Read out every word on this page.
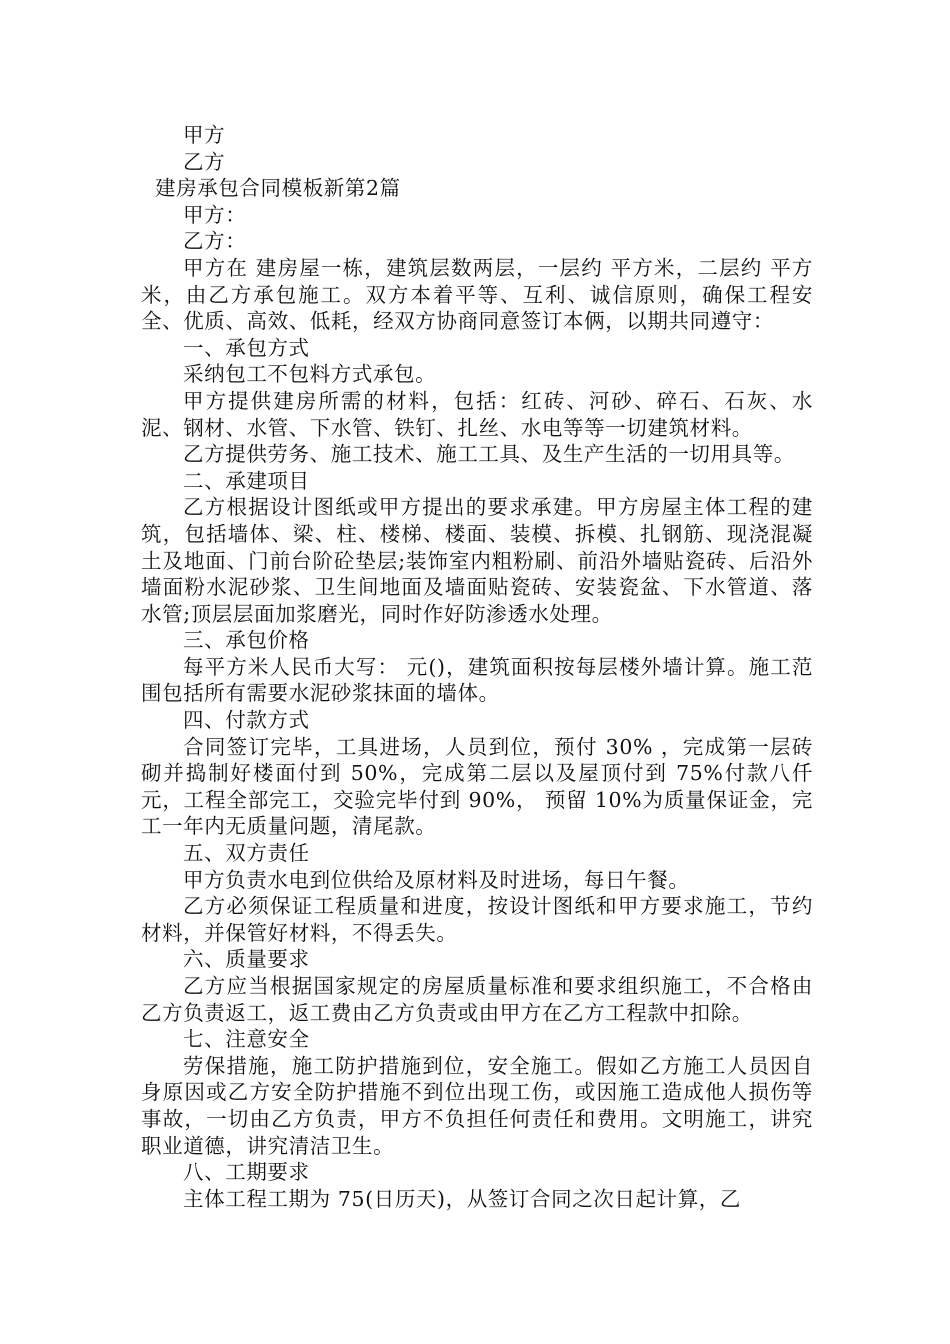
甲方

乙方

建房承包合同模板新第2篇

甲方：

乙方：

甲方在 建房屋一栋，建筑层数两层，一层约 平方米，二层约 平方米，由乙方承包施工。双方本着平等、互利、诚信原则，确保工程安全、优质、高效、低耗，经双方协商同意签订本俩，以期共同遵守：

一、承包方式

采纳包工不包料方式承包。

甲方提供建房所需的材料，包括：红砖、河砂、碎石、石灰、水泥、钢材、水管、下水管、铁钉、扎丝、水电等等一切建筑材料。

乙方提供劳务、施工技术、施工工具、及生产生活的一切用具等。

二、承建项目

乙方根据设计图纸或甲方提出的要求承建。甲方房屋主体工程的建筑，包括墙体、梁、柱、楼梯、楼面、装模、拆模、扎钢筋、现浇混凝土及地面、门前台阶砼垫层;装饰室内粗粉刷、前沿外墙贴瓷砖、后沿外墙面粉水泥砂浆、卫生间地面及墙面贴瓷砖、安装瓷盆、下水管道、落水管;顶层层面加浆磨光，同时作好防渗透水处理。

三、承包价格

每平方米人民币大写： 元()，建筑面积按每层楼外墙计算。施工范围包括所有需要水泥砂浆抹面的墙体。

四、付款方式

合同签订完毕，工具进场，人员到位，预付 30% ，完成第一层砖砌并捣制好楼面付到 50%，完成第二层以及屋顶付到 75%付款八仟元，工程全部完工，交验完毕付到 90%， 预留 10%为质量保证金，完工一年内无质量问题，清尾款。

五、双方责任

甲方负责水电到位供给及原材料及时进场，每日午餐。

乙方必须保证工程质量和进度，按设计图纸和甲方要求施工，节约材料，并保管好材料，不得丢失。

六、质量要求

乙方应当根据国家规定的房屋质量标准和要求组织施工，不合格由乙方负责返工，返工费由乙方负责或由甲方在乙方工程款中扣除。

七、注意安全

劳保措施，施工防护措施到位，安全施工。假如乙方施工人员因自身原因或乙方安全防护措施不到位出现工伤，或因施工造成他人损伤等事故，一切由乙方负责，甲方不负担任何责任和费用。文明施工，讲究职业道德，讲究清洁卫生。

八、工期要求

主体工程工期为 75(日历天)，从签订合同之次日起计算，乙
